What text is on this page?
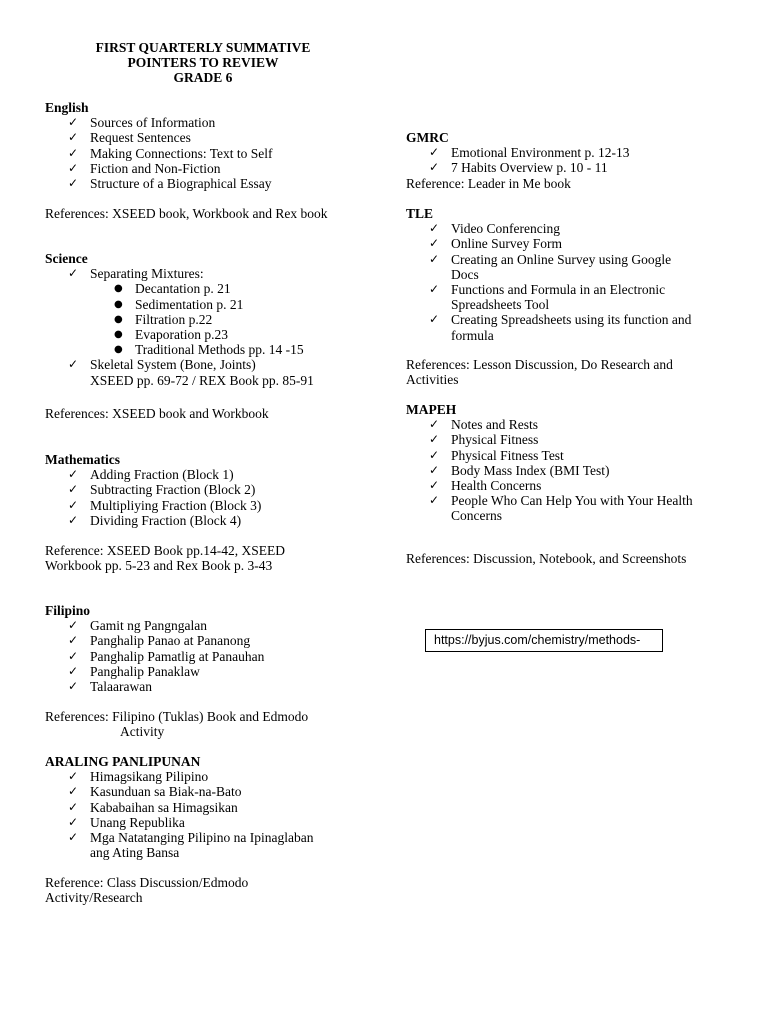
FIRST QUARTERLY SUMMATIVE
POINTERS TO REVIEW
GRADE 6
English
✓ Sources of Information
✓ Request Sentences
✓ Making Connections: Text to Self
✓ Fiction and Non-Fiction
✓ Structure of a Biographical Essay
References: XSEED book, Workbook and Rex book
Science
✓ Separating Mixtures:
● Decantation p. 21
● Sedimentation p. 21
● Filtration p.22
● Evaporation p.23
● Traditional Methods pp. 14 -15
✓ Skeletal System (Bone, Joints)
XSEED pp. 69-72 / REX Book pp. 85-91
References: XSEED book and Workbook
Mathematics
✓ Adding Fraction (Block 1)
✓ Subtracting Fraction (Block 2)
✓ Multipliying Fraction (Block 3)
✓ Dividing Fraction (Block 4)
Reference: XSEED Book pp.14-42, XSEED
Workbook pp. 5-23 and Rex Book p. 3-43
Filipino
✓ Gamit ng Pangngalan
✓ Panghalip Panao at Pananong
✓ Panghalip Pamatlig at Panauhan
✓ Panghalip Panaklaw
✓ Talaarawan
References: Filipino (Tuklas) Book and Edmodo
Activity
ARALING PANLIPUNAN
✓ Himagsikang Pilipino
✓ Kasunduan sa Biak-na-Bato
✓ Kababaihan sa Himagsikan
✓ Unang Republika
✓ Mga Natatanging Pilipino na Ipinaglaban
ang Ating Bansa
Reference: Class Discussion/Edmodo
Activity/Research
GMRC
✓ Emotional Environment p. 12-13
✓ 7 Habits Overview p. 10 - 11
Reference: Leader in Me book
TLE
✓ Video Conferencing
✓ Online Survey Form
✓ Creating an Online Survey using Google Docs
✓ Functions and Formula in an Electronic Spreadsheets Tool
✓ Creating Spreadsheets using its function and formula
References: Lesson Discussion, Do Research and
Activities
MAPEH
✓ Notes and Rests
✓ Physical Fitness
✓ Physical Fitness Test
✓ Body Mass Index (BMI Test)
✓ Health Concerns
✓ People Who Can Help You with Your Health Concerns
References: Discussion, Notebook, and Screenshots
https://byjus.com/chemistry/methods-
